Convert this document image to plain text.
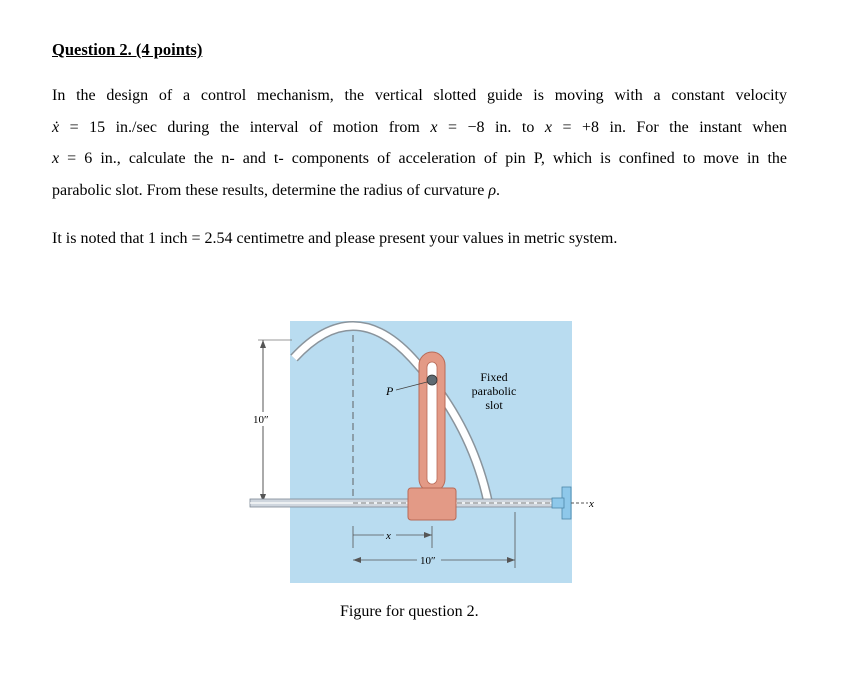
Question 2. (4 points)

In the design of a control mechanism, the vertical slotted guide is moving with a constant velocity
ẋ = 15 in./sec during the interval of motion from x = −8 in. to x = +8 in. For the instant when
x = 6 in., calculate the n- and t- components of acceleration of pin P, which is confined to move in the
parabolic slot. From these results, determine the radius of curvature ρ.
It is noted that 1 inch = 2.54 centimetre and please present your values in metric system.
10″
P
x
x
10″
Fixed
parabolic
slot

Figure for question 2.
